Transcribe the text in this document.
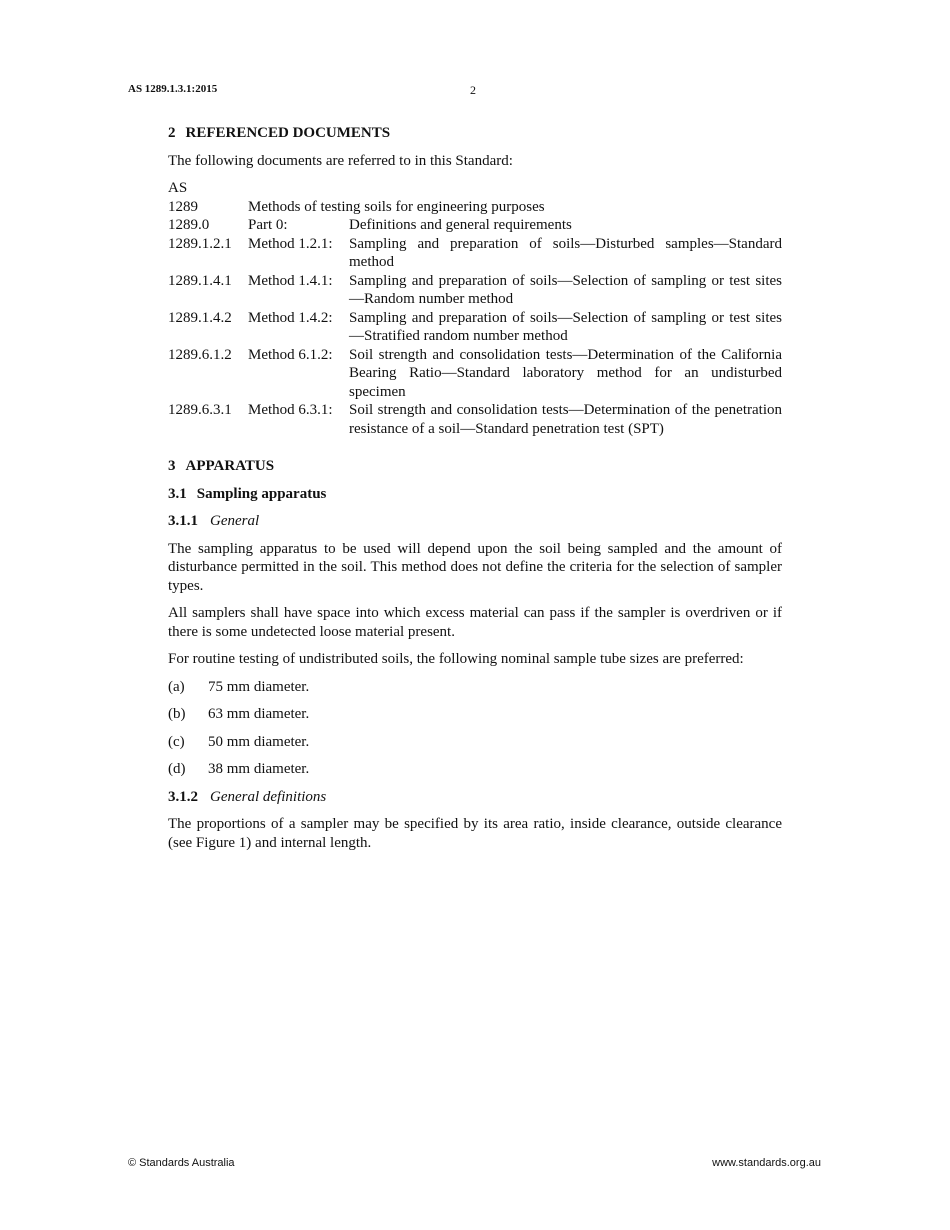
AS 1289.1.3.1:2015	2
2 REFERENCED DOCUMENTS

The following documents are referred to in this Standard:

AS
1289	Methods of testing soils for engineering purposes
1289.0	Part 0:	Definitions and general requirements
1289.1.2.1	Method 1.2.1:	Sampling and preparation of soils—Disturbed samples—Standard method
1289.1.4.1	Method 1.4.1:	Sampling and preparation of soils—Selection of sampling or test sites—Random number method
1289.1.4.2	Method 1.4.2:	Sampling and preparation of soils—Selection of sampling or test sites—Stratified random number method
1289.6.1.2	Method 6.1.2:	Soil strength and consolidation tests—Determination of the California Bearing Ratio—Standard laboratory method for an undisturbed specimen
1289.6.3.1	Method 6.3.1:	Soil strength and consolidation tests—Determination of the penetration resistance of a soil—Standard penetration test (SPT)
3 APPARATUS
3.1 Sampling apparatus
3.1.1 General

The sampling apparatus to be used will depend upon the soil being sampled and the amount of disturbance permitted in the soil. This method does not define the criteria for the selection of sampler types.

All samplers shall have space into which excess material can pass if the sampler is overdriven or if there is some undetected loose material present.

For routine testing of undistributed soils, the following nominal sample tube sizes are preferred:

(a)	75 mm diameter.
(b)	63 mm diameter.
(c)	50 mm diameter.
(d)	38 mm diameter.
3.1.2 General definitions

The proportions of a sampler may be specified by its area ratio, inside clearance, outside clearance (see Figure 1) and internal length.

© Standards Australia	www.standards.org.au
